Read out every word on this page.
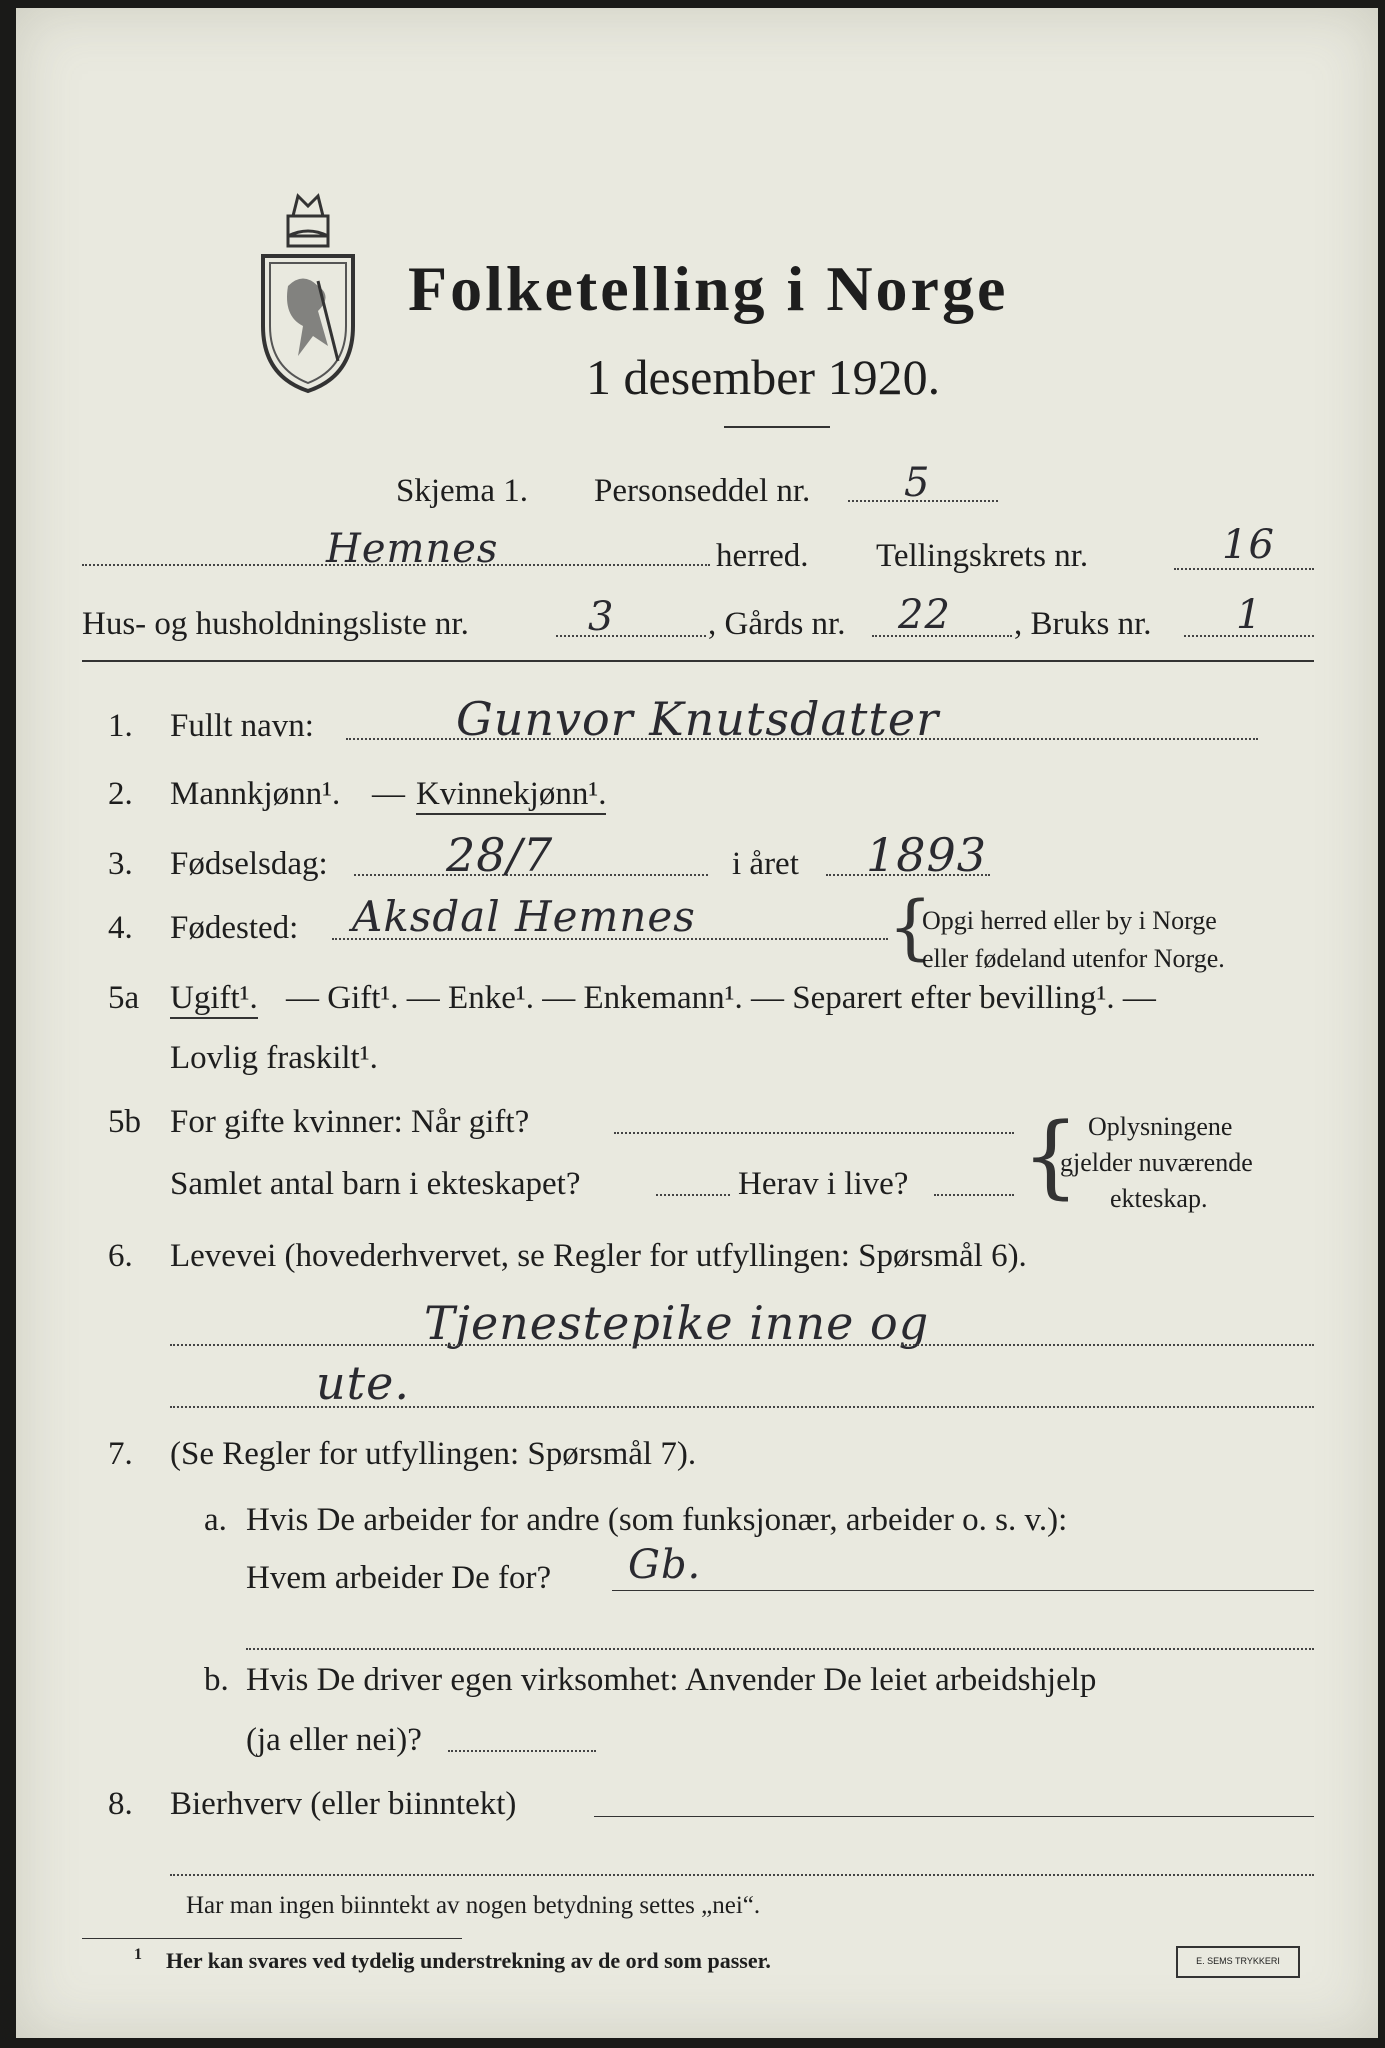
Folketelling i Norge
1 desember 1920.
Skjema 1. Personseddel nr. 5
Hemnes	herred. Tellingskrets nr.	16
Hus- og husholdningsliste nr.	3	, Gårds nr. 22 , Bruks nr. 1
1. Fullt navn:	Gunvor Knutsdatter
2. Mannkjønn¹. — Kvinnekjønn¹.
3. Fødselsdag:	28/7	i året 1893
4. Fødested: Aksdal Hemnes	{
Opgi herred eller by i Norge
eller fødeland utenfor Norge.
5a Ugift¹. — Gift¹. — Enke¹. — Enkemann¹. — Separert efter bevilling¹. —
Lovlig fraskilt¹.
5b For gifte kvinner: Når gift?
Samlet antal barn i ekteskapet?	Herav i live? { Oplysningene
gjelder nuværende
ekteskap.
6. Levevei (hovederhvervet, se Regler for utfyllingen: Spørsmål 6).
Tjenestepike inne og
ute.
7. (Se Regler for utfyllingen: Spørsmål 7).
a. Hvis De arbeider for andre (som funksjonær, arbeider o. s. v.):
Hvem arbeider De for? Gb.
b. Hvis De driver egen virksomhet: Anvender De leiet arbeidshjelp
(ja eller nei)?
8. Bierhverv (eller biinntekt)
Har man ingen biinntekt av nogen betydning settes „nei“.
1 Her kan svares ved tydelig understrekning av de ord som passer.	E. SEMS TRYKKERI
